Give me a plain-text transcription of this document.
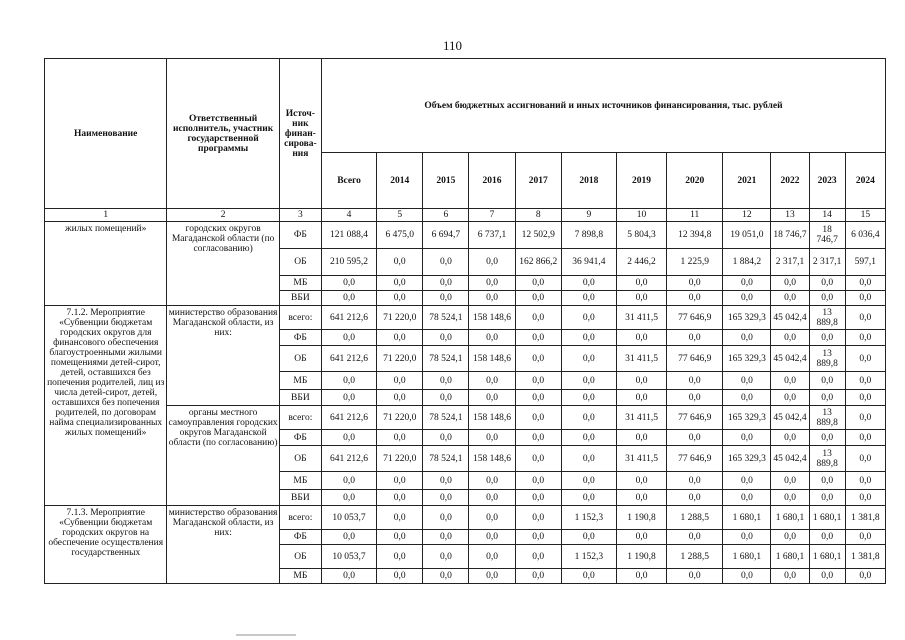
110
Наименование	Ответственный исполнитель, участник государственной программы	Источ-ник финан-сирова-ния	Объем бюджетных ассигнований и иных источников финансирования, тыс. рублей											
			Всего	2014	2015	2016	2017	2018	2019	2020	2021	2022	2023	2024
1	2	3	4	5	6	7	8	9	10	11	12	13	14	15
жилых помещений»	городских округов Магаданской области (по согласованию)	ФБ	121 088,4	6 475,0	6 694,7	6 737,1	12 502,9	7 898,8	5 804,3	12 394,8	19 051,0	18 746,7	18 746,7	6 036,4
		ОБ	210 595,2	0,0	0,0	0,0	162 866,2	36 941,4	2 446,2	1 225,9	1 884,2	2 317,1	2 317,1	597,1
		МБ	0,0	0,0	0,0	0,0	0,0	0,0	0,0	0,0	0,0	0,0	0,0	0,0
		ВБИ	0,0	0,0	0,0	0,0	0,0	0,0	0,0	0,0	0,0	0,0	0,0	0,0
7.1.2. Мероприятие «Субвенции бюджетам городских округов для финансового обеспечения благоустроенными жилыми помещениями детей-сирот, детей, оставшихся без попечения родителей, лиц из числа детей-сирот, детей, оставшихся без попечения родителей, по договорам найма специализированных жилых помещений»	министерство образования Магаданской области, из них:	всего:	641 212,6	71 220,0	78 524,1	158 148,6	0,0	0,0	31 411,5	77 646,9	165 329,3	45 042,4	13 889,8	0,0
		ФБ	0,0	0,0	0,0	0,0	0,0	0,0	0,0	0,0	0,0	0,0	0,0	0,0
		ОБ	641 212,6	71 220,0	78 524,1	158 148,6	0,0	0,0	31 411,5	77 646,9	165 329,3	45 042,4	13 889,8	0,0
		МБ	0,0	0,0	0,0	0,0	0,0	0,0	0,0	0,0	0,0	0,0	0,0	0,0
		ВБИ	0,0	0,0	0,0	0,0	0,0	0,0	0,0	0,0	0,0	0,0	0,0	0,0
	органы местного самоуправления городских округов Магаданской области (по согласованию)	всего:	641 212,6	71 220,0	78 524,1	158 148,6	0,0	0,0	31 411,5	77 646,9	165 329,3	45 042,4	13 889,8	0,0
		ФБ	0,0	0,0	0,0	0,0	0,0	0,0	0,0	0,0	0,0	0,0	0,0	0,0
		ОБ	641 212,6	71 220,0	78 524,1	158 148,6	0,0	0,0	31 411,5	77 646,9	165 329,3	45 042,4	13 889,8	0,0
		МБ	0,0	0,0	0,0	0,0	0,0	0,0	0,0	0,0	0,0	0,0	0,0	0,0
		ВБИ	0,0	0,0	0,0	0,0	0,0	0,0	0,0	0,0	0,0	0,0	0,0	0,0
7.1.3. Мероприятие «Субвенции бюджетам городских округов на обеспечение осуществления государственных	министерство образования Магаданской области, из них:	всего:	10 053,7	0,0	0,0	0,0	0,0	1 152,3	1 190,8	1 288,5	1 680,1	1 680,1	1 680,1	1 381,8
		ФБ	0,0	0,0	0,0	0,0	0,0	0,0	0,0	0,0	0,0	0,0	0,0	0,0
		ОБ	10 053,7	0,0	0,0	0,0	0,0	1 152,3	1 190,8	1 288,5	1 680,1	1 680,1	1 680,1	1 381,8
		МБ	0,0	0,0	0,0	0,0	0,0	0,0	0,0	0,0	0,0	0,0	0,0	0,0
